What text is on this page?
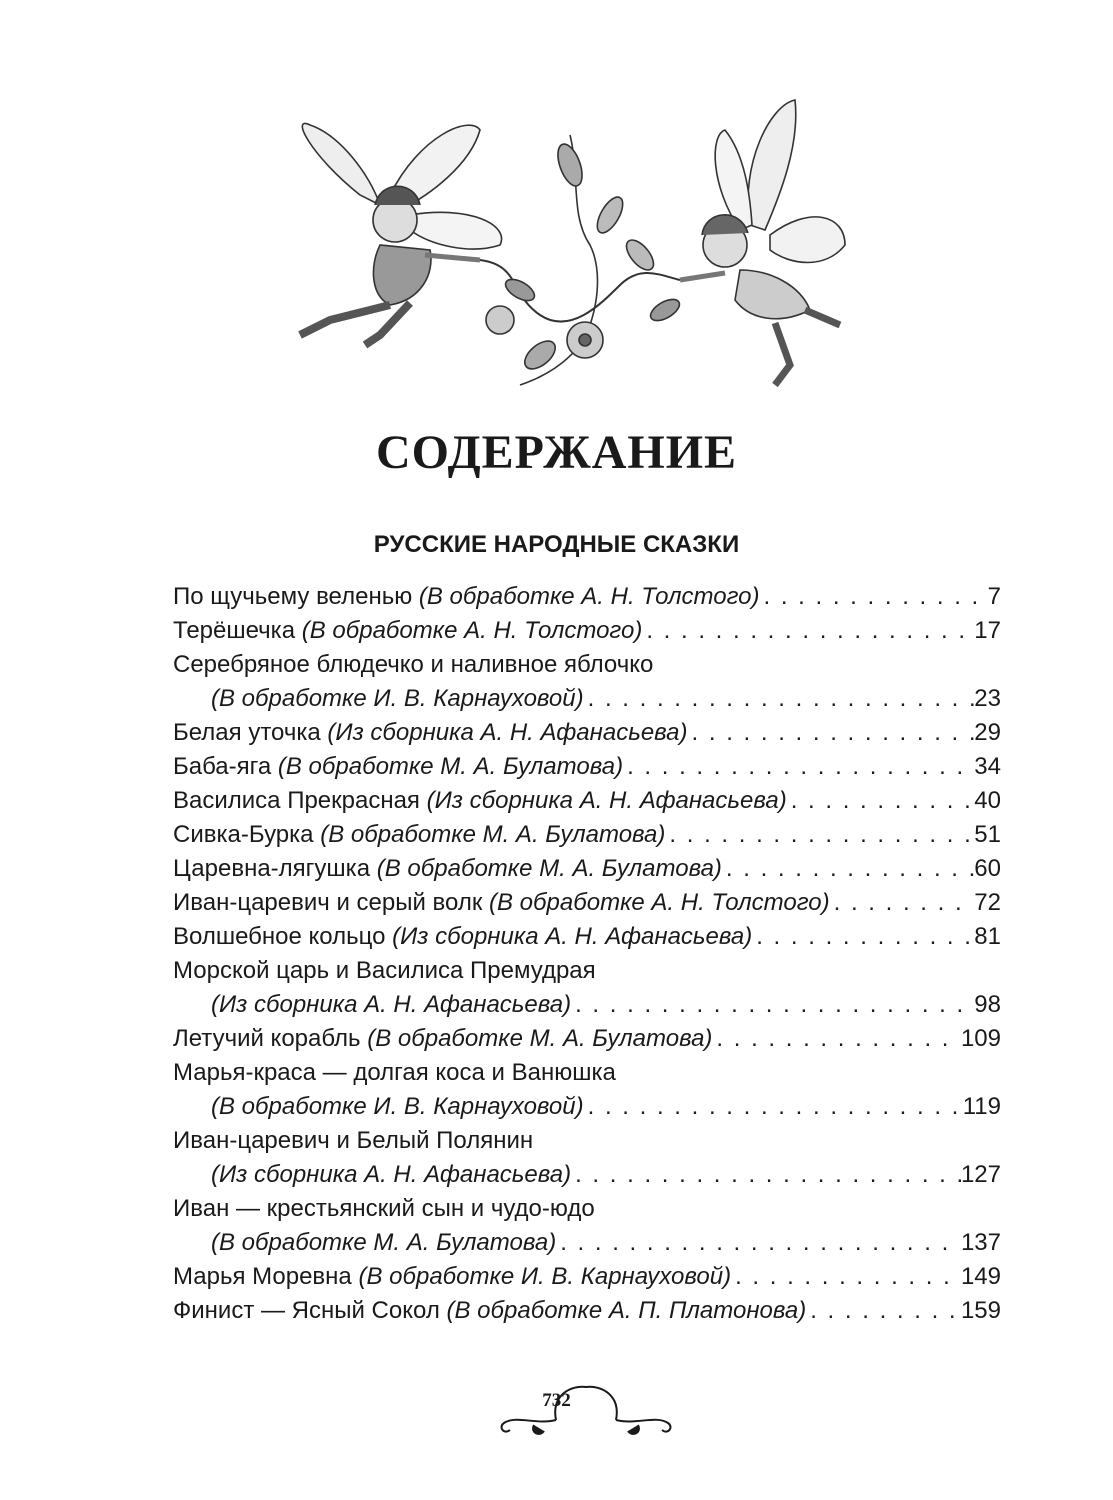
СОДЕРЖАНИЕ
РУССКИЕ НАРОДНЫЕ СКАЗКИ
По щучьему веленью
(В обработке А. Н. Толстого) . . .	7
Терёшечка
(В обработке А. Н. Толстого) . . .	17
Серебряное блюдечко и наливное яблочко
(В обработке И. В. Карнауховой) . . .	23
Белая уточка
(Из сборника А. Н. Афанасьева) . . .	29
Баба-яга
(В обработке М. А. Булатова) . . .	34
Василиса Прекрасная
(Из сборника А. Н. Афанасьева) . . .	40
Сивка-Бурка
(В обработке М. А. Булатова) . . .	51
Царевна-лягушка
(В обработке М. А. Булатова) . . .	60
Иван-царевич и серый волк
(В обработке А. Н. Толстого) . . .	72
Волшебное кольцо
(Из сборника А. Н. Афанасьева) . . .	81
Морской царь и Василиса Премудрая
(Из сборника А. Н. Афанасьева) . . .	98
Летучий корабль
(В обработке М. А. Булатова) . . .	109
Марья-краса — долгая коса и Ванюшка
(В обработке И. В. Карнауховой) . . .	119
Иван-царевич и Белый Полянин
(Из сборника А. Н. Афанасьева) . . .	127
Иван — крестьянский сын и чудо-юдо
(В обработке М. А. Булатова) . . .	137
Марья Моревна
(В обработке И. В. Карнауховой) . . .	149
Финист — Ясный Сокол
(В обработке А. П. Платонова) . . .	159
732
